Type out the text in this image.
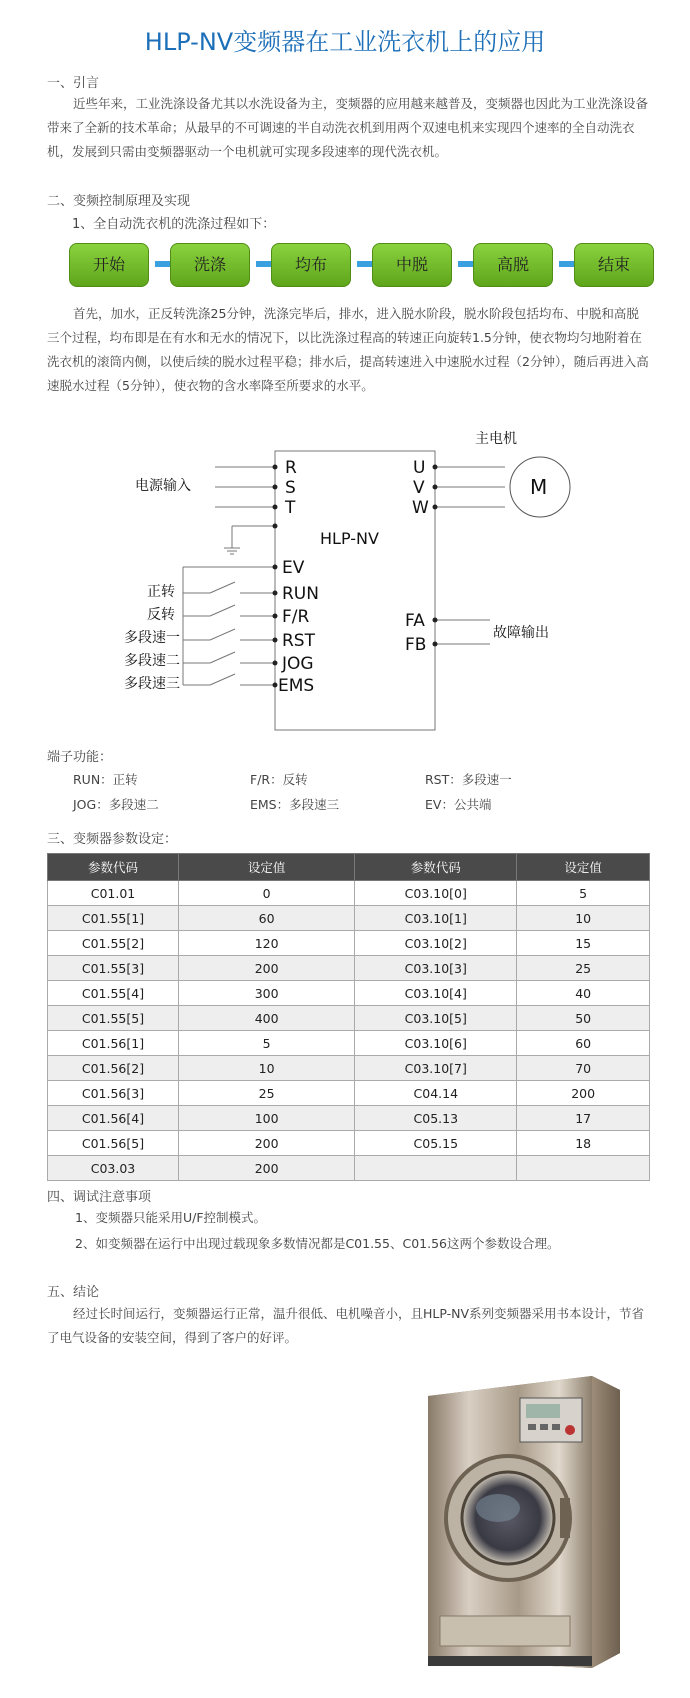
HLP-NV变频器在工业洗衣机上的应用
一、引言
近些年来，工业洗涤设备尤其以水洗设备为主，变频器的应用越来越普及，变频器也因此为工业洗涤设备带来了全新的技术革命；从最早的不可调速的半自动洗衣机到用两个双速电机来实现四个速率的全自动洗衣机，发展到只需由变频器驱动一个电机就可实现多段速率的现代洗衣机。
二、变频控制原理及实现
1、全自动洗衣机的洗涤过程如下：
开始	洗涤	均布	中脱	高脱	结束
首先，加水，正反转洗涤25分钟，洗涤完毕后，排水，进入脱水阶段，脱水阶段包括均布、中脱和高脱三个过程，均布即是在有水和无水的情况下，以比洗涤过程高的转速正向旋转1.5分钟，使衣物均匀地附着在洗衣机的滚筒内侧，以使后续的脱水过程平稳；排水后，提高转速进入中速脱水过程（2分钟），随后再进入高速脱水过程（5分钟），使衣物的含水率降至所要求的水平。
R
S
T
U
V
W
HLP-NV
EV
RUN
F/R
RST
JOG
EMS
FA
FB
M
主电机
电源输入
故障输出
正转
反转
多段速一
多段速二
多段速三
端子功能：
RUN：正转	F/R：反转	RST：多段速一
JOG：多段速二	EMS：多段速三	EV：公共端
三、变频器参数设定：
参数代码	设定值	参数代码	设定值
C01.01	0	C03.10[0]	5
C01.55[1]	60	C03.10[1]	10
C01.55[2]	120	C03.10[2]	15
C01.55[3]	200	C03.10[3]	25
C01.55[4]	300	C03.10[4]	40
C01.55[5]	400	C03.10[5]	50
C01.56[1]	5	C03.10[6]	60
C01.56[2]	10	C03.10[7]	70
C01.56[3]	25	C04.14	200
C01.56[4]	100	C05.13	17
C01.56[5]	200	C05.15	18
C03.03	200		
四、调试注意事项
1、变频器只能采用U/F控制模式。
2、如变频器在运行中出现过载现象多数情况都是C01.55、C01.56这两个参数设合理。
五、结论
经过长时间运行，变频器运行正常，温升很低、电机噪音小，且HLP-NV系列变频器采用书本设计，节省了电气设备的安装空间，得到了客户的好评。
